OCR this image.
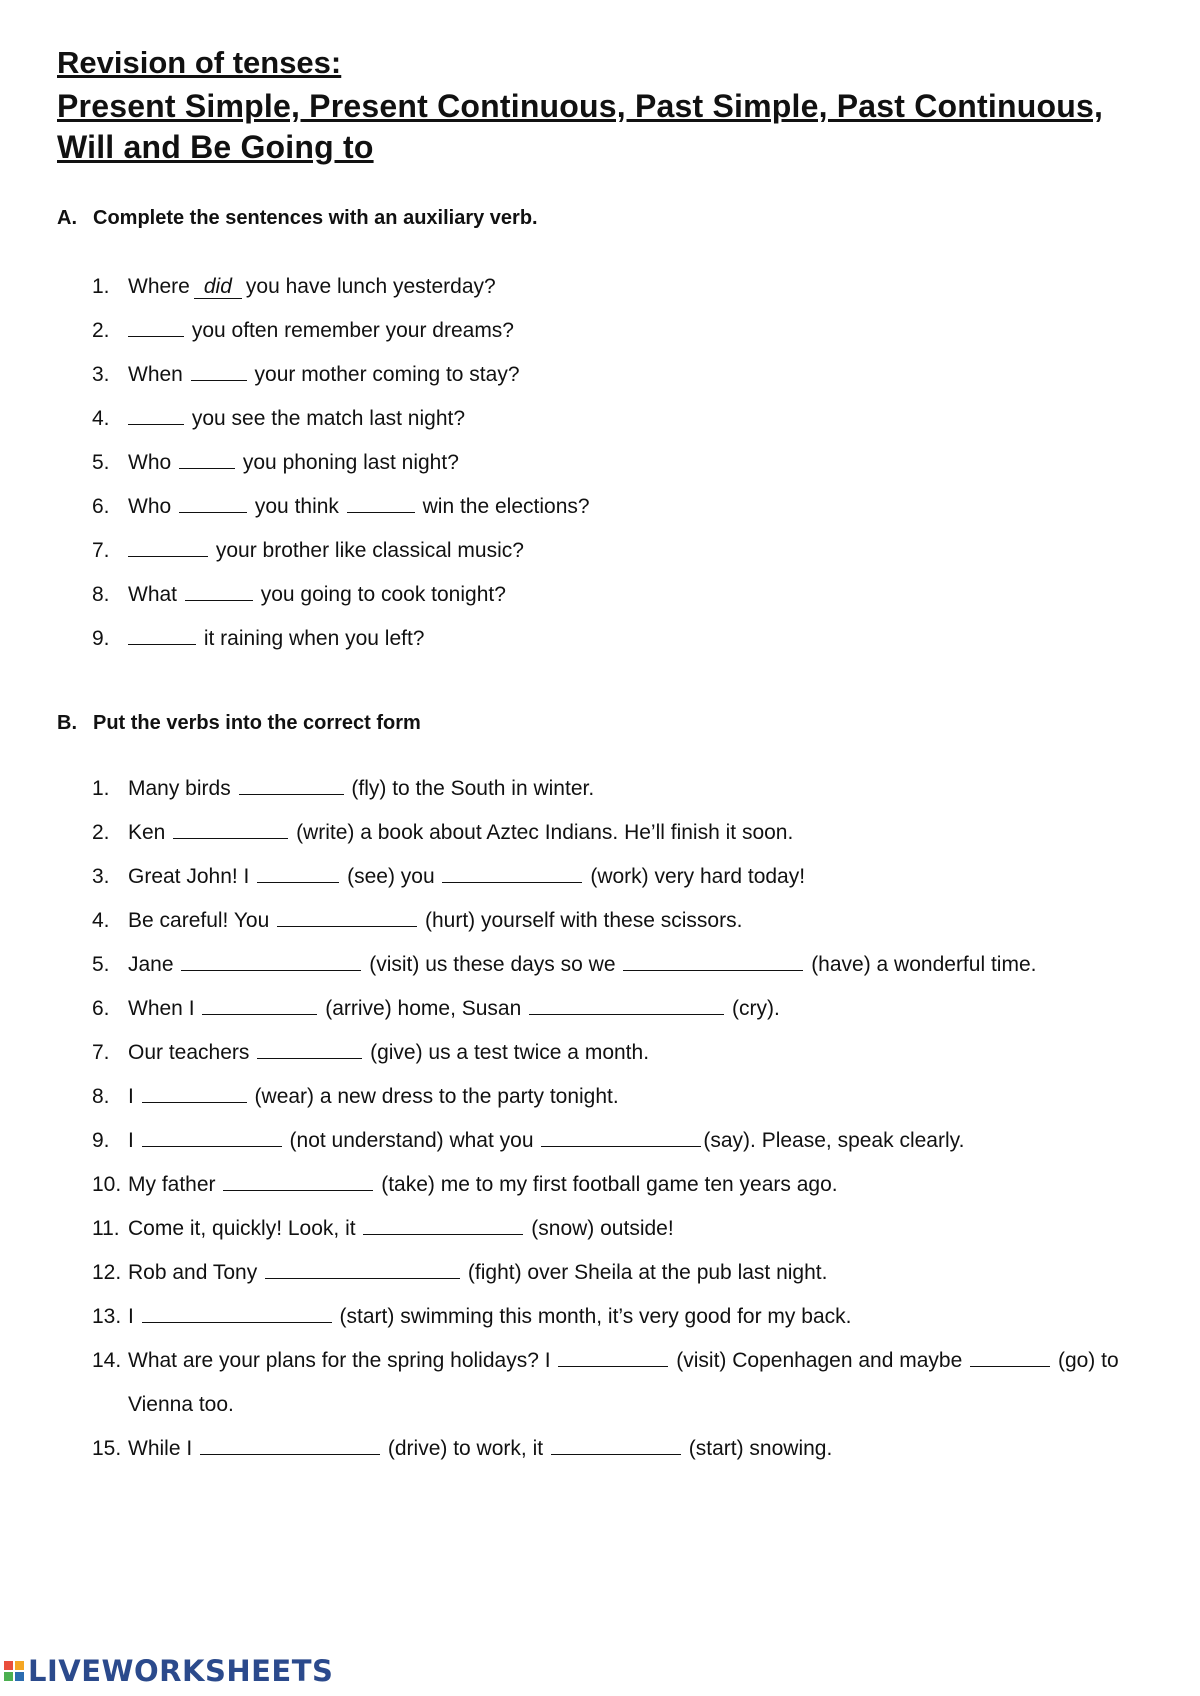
Revision of tenses:
Present Simple, Present Continuous, Past Simple, Past Continuous, Will and Be Going to
A. Complete the sentences with an auxiliary verb.
1. Where did you have lunch yesterday?
2.	you often remember your dreams?
3. When	your mother coming to stay?
4.	you see the match last night?
5. Who	you phoning last night?
6. Who	you think	win the elections?
7.	your brother like classical music?
8. What	you going to cook tonight?
9.	it raining when you left?
B. Put the verbs into the correct form
1. Many birds	(fly) to the South in winter.
2. Ken	(write) a book about Aztec Indians. He’ll finish it soon.
3. Great John! I	(see) you	(work) very hard today!
4. Be careful! You	(hurt) yourself with these scissors.
5. Jane	(visit) us these days so we	(have) a wonderful time.
6. When I	(arrive) home, Susan	(cry).
7. Our teachers	(give) us a test twice a month.
8. I	(wear) a new dress to the party tonight.
9. I	(not understand) what you	(say). Please, speak clearly.
10. My father	(take) me to my first football game ten years ago.
11. Come it, quickly! Look, it	(snow) outside!
12. Rob and Tony	(fight) over Sheila at the pub last night.
13. I	(start) swimming this month, it’s very good for my back.
14. What are your plans for the spring holidays? I	(visit) Copenhagen and maybe	(go) to Vienna too.
15. While I	(drive) to work, it	(start) snowing.
LIVEWORKSHEETS
